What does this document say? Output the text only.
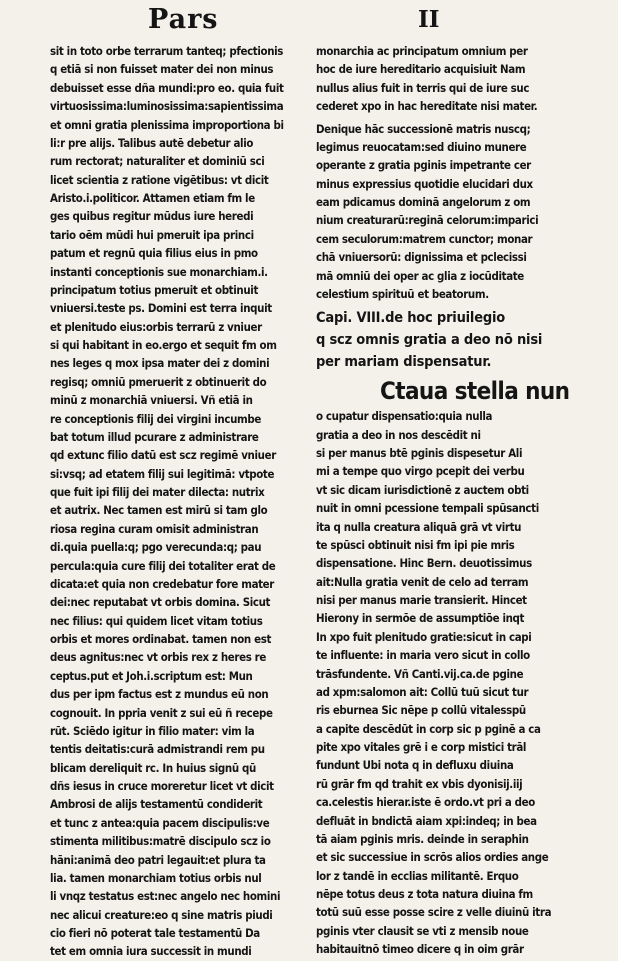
Pars	II
sit in toto orbe terrarum tanteq; pfectionis
q etiā si non fuisset mater dei non minus
debuisset esse dña mundi:pro eo. quia fuit
virtuosissima:luminosissima:sapientissima
et omni gratia plenissima improportiona bi
li:r pre alijs. Talibus autē debetur alio
rum rectorat; naturaliter et dominiū sci
licet scientia z ratione vigētibus: vt dicit
Aristo.i.politicor. Attamen etiam fm le
ges quibus regitur mūdus iure heredi
tario oēm mūdi hui pmeruit ipa princi
patum et regnū quia filius eius in pmo
instanti conceptionis sue monarchiam.i.
principatum totius pmeruit et obtinuit
vniuersi.teste ps. Domini est terra inquit
et plenitudo eius:orbis terrarū z vniuer
si qui habitant in eo.ergo et sequit fm om
nes leges q mox ipsa mater dei z domini
regisq; omniū pmeruerit z obtinuerit do
minū z monarchiā vniuersi. Vñ etiā in
re conceptionis filij dei virgini incumbe
bat totum illud pcurare z administrare
qd extunc filio datū est scz regimē vniuer
si:vsq; ad etatem filij sui legitimā: vtpote
que fuit ipi filij dei mater dilecta: nutrix
et autrix. Nec tamen est mirū si tam glo
riosa regina curam omisit administran
di.quia puella:q; pgo verecunda:q; pau
percula:quia cure filij dei totaliter erat de
dicata:et quia non credebatur fore mater
dei:nec reputabat vt orbis domina. Sicut
nec filius: qui quidem licet vitam totius
orbis et mores ordinabat. tamen non est
deus agnitus:nec vt orbis rex z heres re
ceptus.put et Joh.i.scriptum est: Mun
dus per ipm factus est z mundus eū non
cognouit. In ppria venit z sui eū ñ recepe
rūt. Sciēdo igitur in filio mater: vim la
tentis deitatis:curā admistrandi rem pu
blicam dereliquit rc. In huius signū qū
dñs iesus in cruce moreretur licet vt dicit
Ambrosi de alijs testamentū condiderit
et tunc z antea:quia pacem discipulis:ve
stimenta militibus:matrē discipulo scz io
hāni:animā deo patri legauit:et plura ta
lia. tamen monarchiam totius orbis nul
li vnqz testatus est:nec angelo nec homini
nec alicui creature:eo q sine matris piudi
cio fieri nō poterat tale testamentū Da
tet em omnia iura successit in mundi
monarchia ac principatum omnium per
hoc de iure hereditario acquisiuit Nam
nullus alius fuit in terris qui de iure suc
cederet xpo in hac hereditate nisi mater.
Denique hāc successionē matris nuscq;
legimus reuocatam:sed diuino munere
operante z gratia pginis impetrante cer
minus expressius quotidie elucidari dux
eam pdicamus dominā angelorum z om
nium creaturarū:reginā celorum:imparici
cem seculorum:matrem cunctor; monar
chā vniuersorū: dignissima et pclecissi
mā omniū dei oper ac glia z iocūditate
celestium spirituū et beatorum.
Capi. VIII.de hoc priuilegio
q scz omnis gratia a deo nō nisi
per mariam dispensatur.
Ctaua stella nun
o cupatur dispensatio:quia nulla
gratia a deo in nos descēdit ni
si per manus btē pginis dispesetur Ali
mi a tempe quo virgo pcepit dei verbu
vt sic dicam iurisdictionē z auctem obti
nuit in omni pcessione tempali spūsancti
ita q nulla creatura aliquā grā vt virtu
te spūsci obtinuit nisi fm ipi pie mris
dispensatione. Hinc Bern. deuotissimus
ait:Nulla gratia venit de celo ad terram
nisi per manus marie transierit. Hincet
Hierony in sermōe de assumptiōe inqt
In xpo fuit plenitudo gratie:sicut in capi
te influente: in maria vero sicut in collo
trāsfundente. Vñ Canti.vij.ca.de pgine
ad xpm:salomon ait: Collū tuū sicut tur
ris eburnea Sic nēpe p collū vitalesspū
a capite descēdūt in corp sic p pginē a ca
pite xpo vitales grē i e corp mistici trāl
fundunt Ubi nota q in defluxu diuina
rū grār fm qd trahit ex vbis dyonisij.iij
ca.celestis hierar.iste ē ordo.vt pri a deo
defluāt in bndictā aiam xpi:indeq; in bea
tā aiam pginis mris. deinde in seraphin
et sic successiue in scrōs alios ordies ange
lor z tandē in ecclias militantē. Erquo
nēpe totus deus z tota natura diuina fm
totū suū esse posse scire z velle diuinū itra
pginis vter clausit se vti z mensib noue
habitauitnō timeo dicere q in oim grār
